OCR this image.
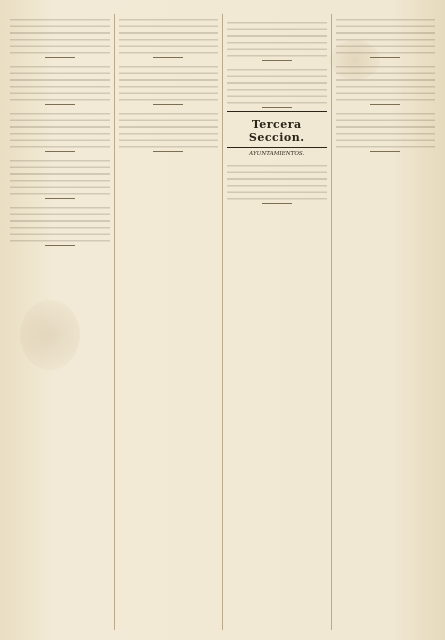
Tercera Seccion.
AYUNTAMIENTOS.
